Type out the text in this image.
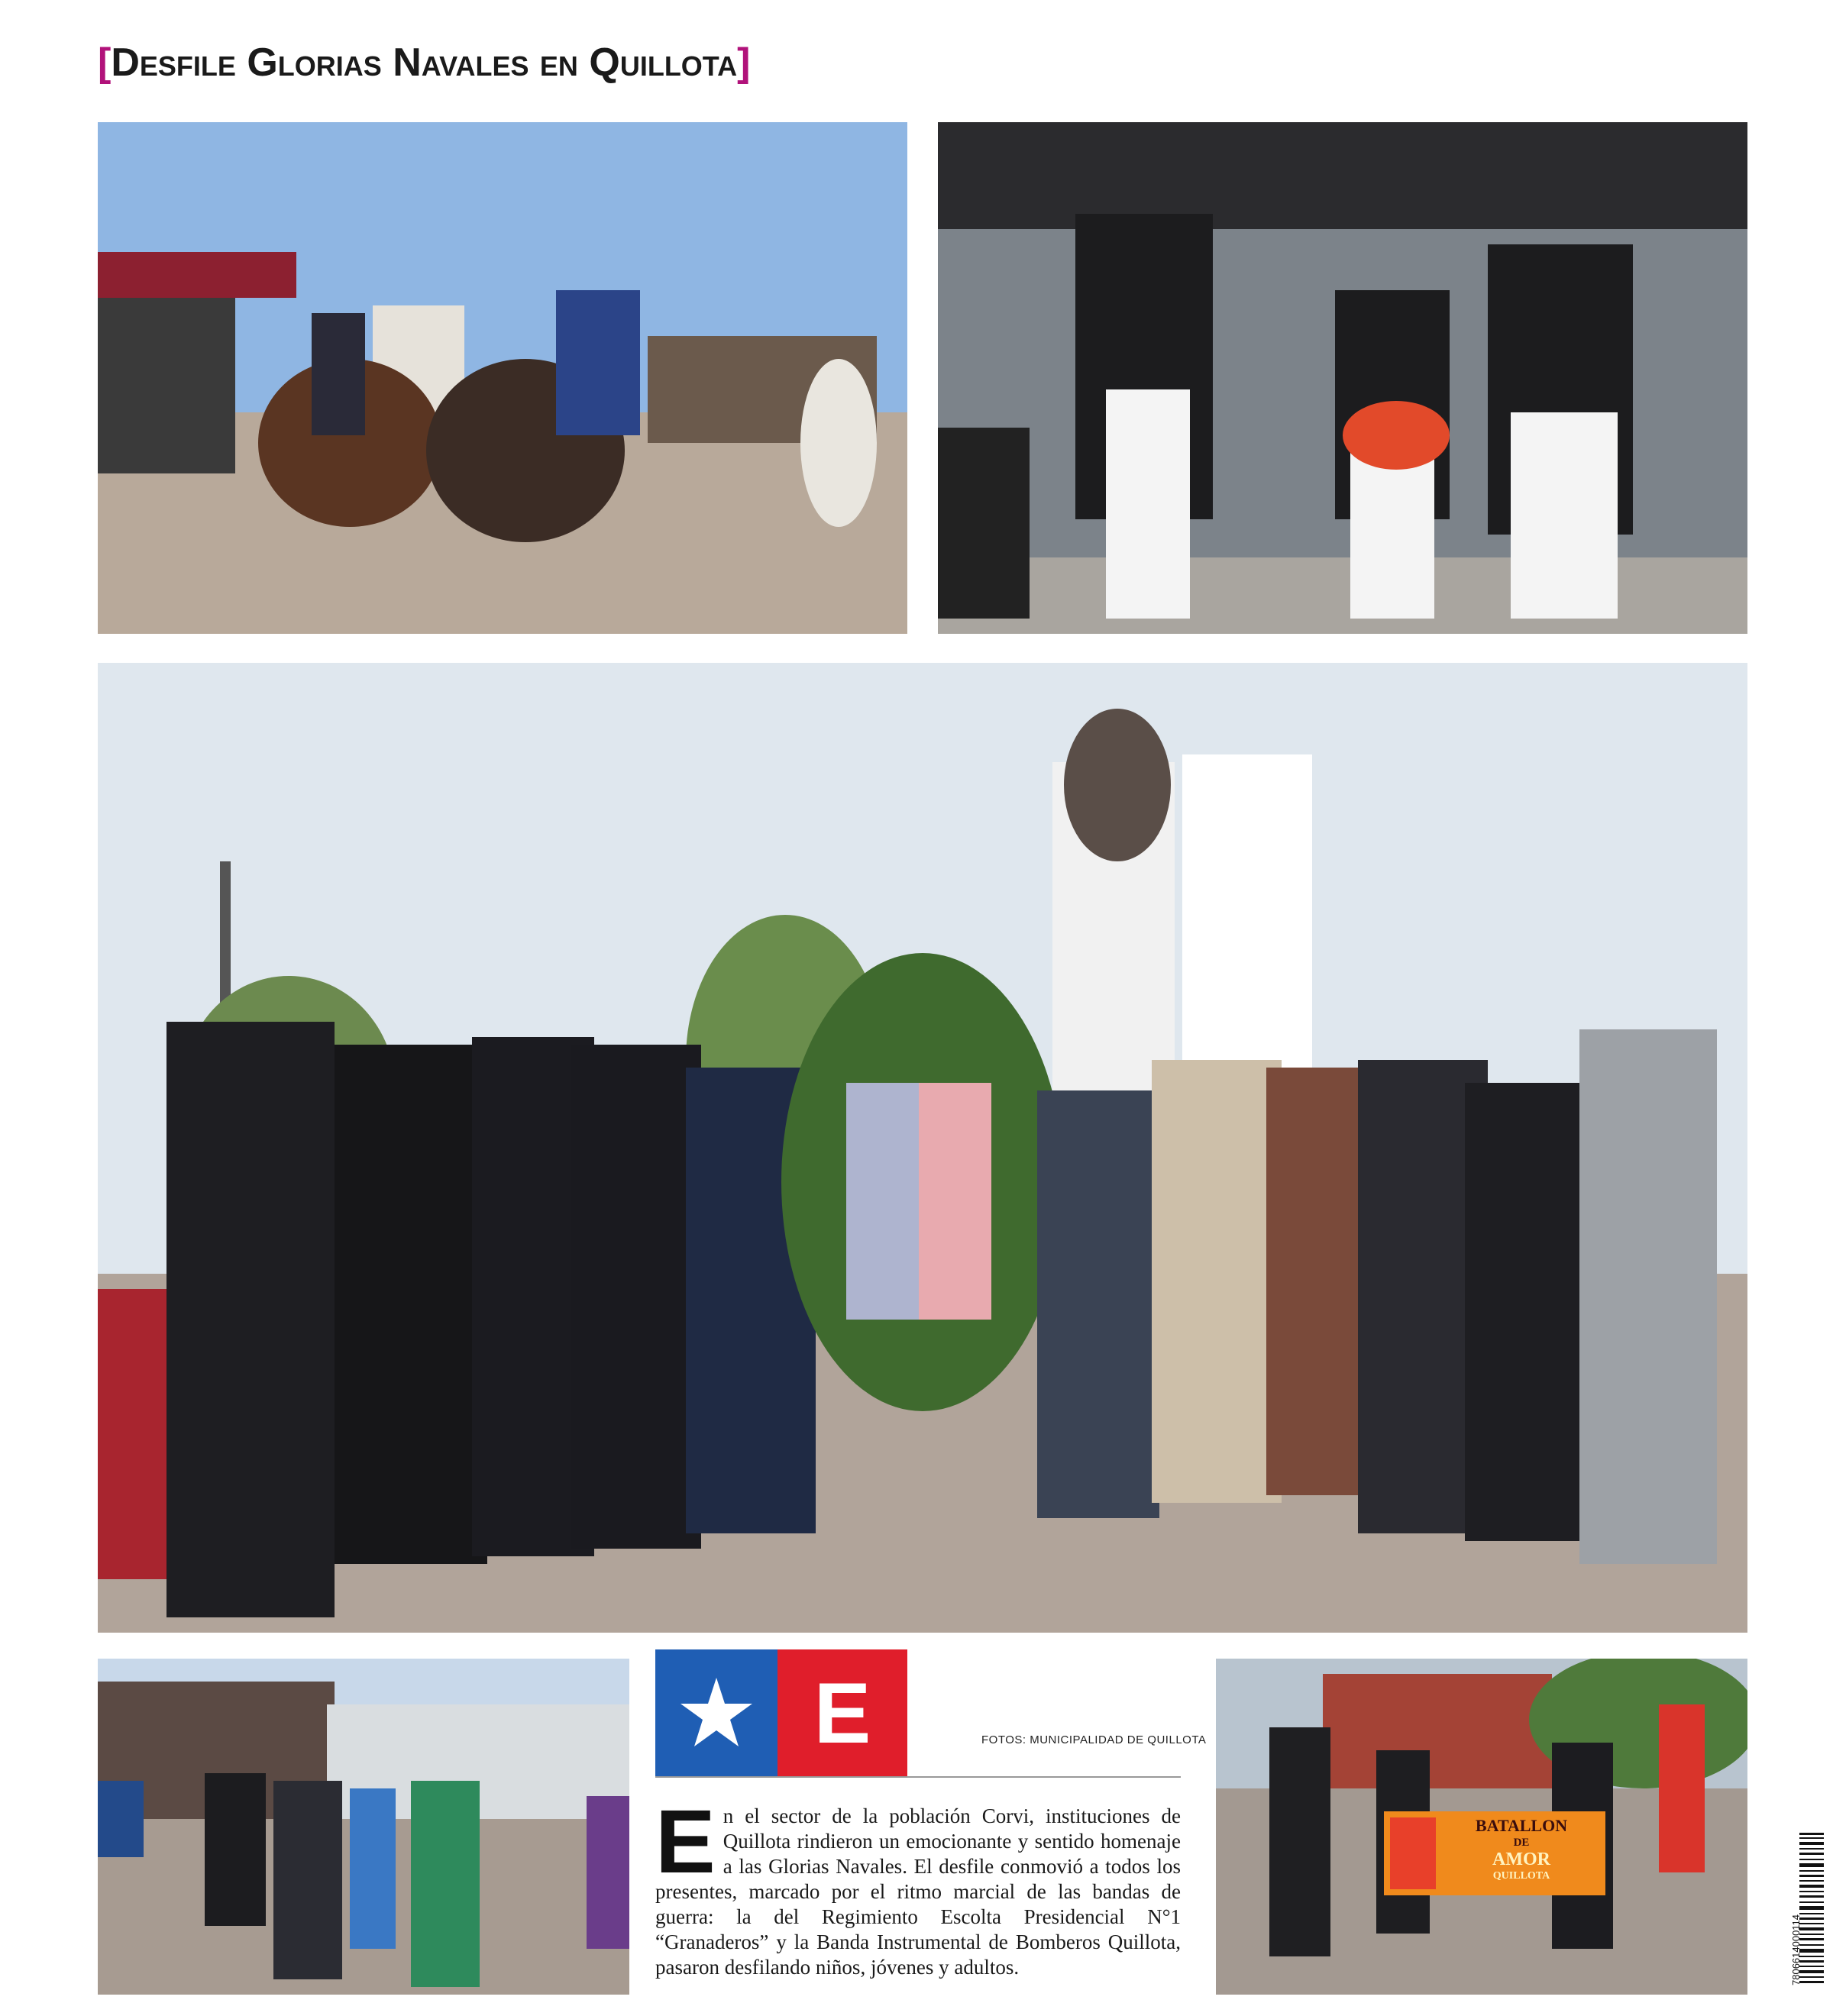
[Desfile Glorias Navales en Quillota]
BATALLON
DE
AMOR
QUILLOTA
E	FOTOS: MUNICIPALIDAD DE QUILLOTA
En el sector de la población Corvi, instituciones de Quillota rindieron un emocionante y sentido homenaje a las Glorias Navales. El desfile conmovió a todos los presentes, marcado por el ritmo marcial de las bandas de guerra: la del Regimiento Escolta Presidencial N°1 “Granaderos” y la Banda Instrumental de Bomberos Quillota, pasaron desfilando niños, jóvenes y adultos.	7806614000114
